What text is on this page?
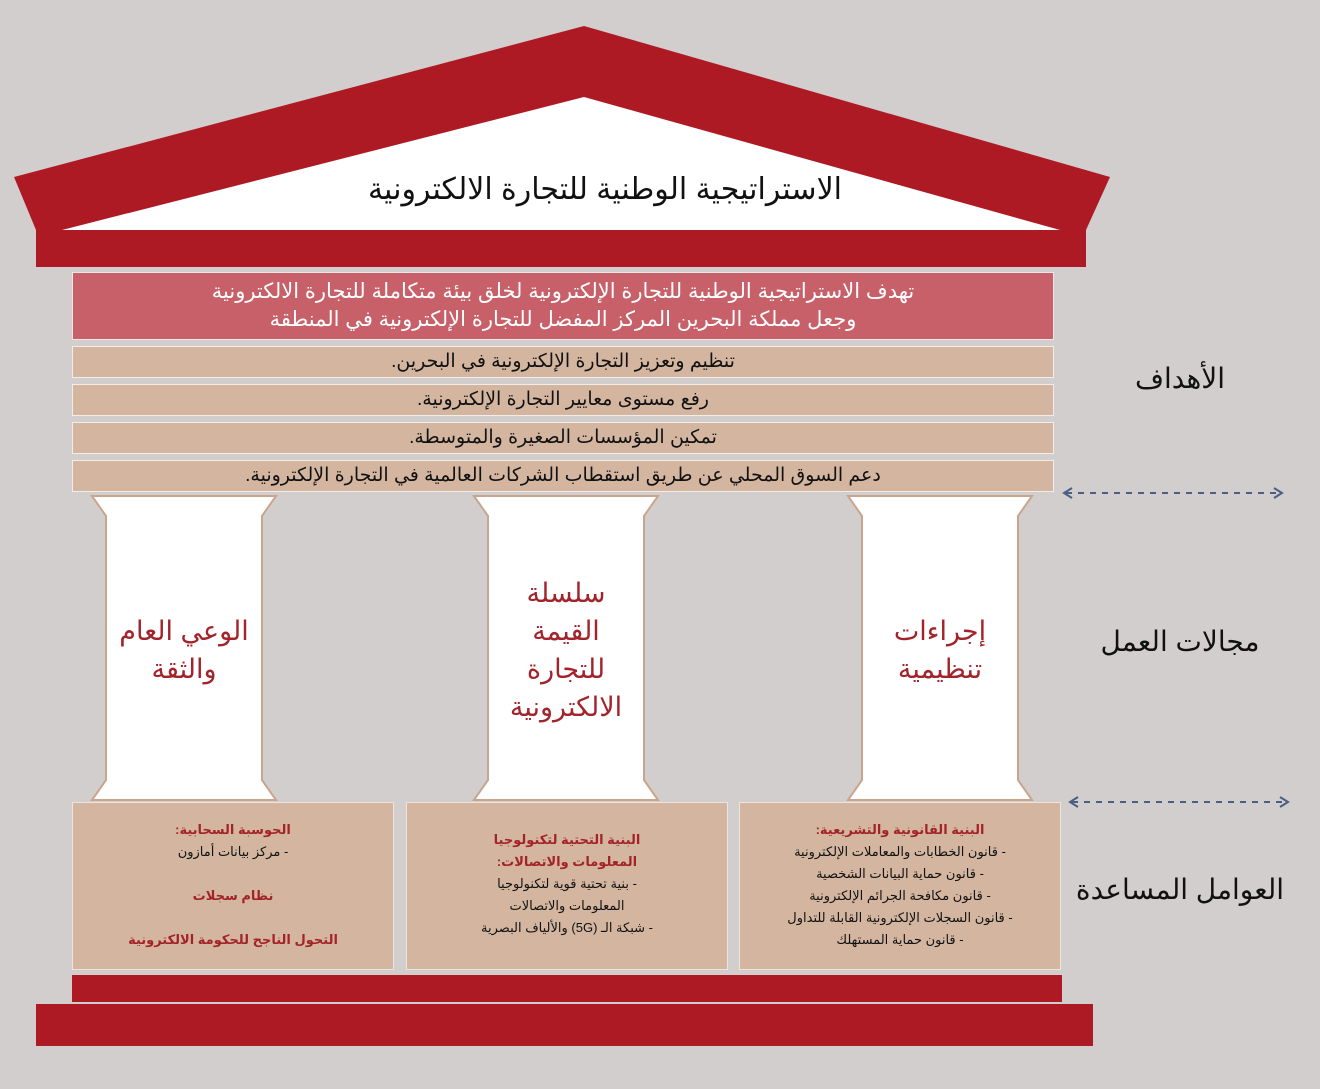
الاستراتيجية الوطنية للتجارة الالكترونية
تهدف الاستراتيجية الوطنية للتجارة الإلكترونية لخلق بيئة متكاملة للتجارة الالكترونية
وجعل مملكة البحرين المركز المفضل للتجارة الإلكترونية في المنطقة
تنظيم وتعزيز التجارة الإلكترونية في البحرين.
رفع مستوى معايير التجارة الإلكترونية.
تمكين المؤسسات الصغيرة والمتوسطة.
دعم السوق المحلي عن طريق استقطاب الشركات العالمية في التجارة الإلكترونية.
الأهداف
مجالات العمل
العوامل المساعدة
إجراءات
تنظيمية
سلسلة القيمة
للتجارة
الالكترونية
الوعي العام
والثقة
البنية القانونية والتشريعية:
- قانون الخطابات والمعاملات الإلكترونية
- قانون حماية البيانات الشخصية
- قانون مكافحة الجرائم الإلكترونية
- قانون السجلات الإلكترونية القابلة للتداول
- قانون حماية المستهلك
البنية التحتية لتكنولوجيا
المعلومات والاتصالات:
- بنية تحتية قوية لتكنولوجيا
المعلومات والاتصالات
- شبكة الـ (5G) والألياف البصرية
الحوسبة السحابية:
- مركز بيانات أمازون
نظام سجلات
التحول الناجح للحكومة الالكترونية
